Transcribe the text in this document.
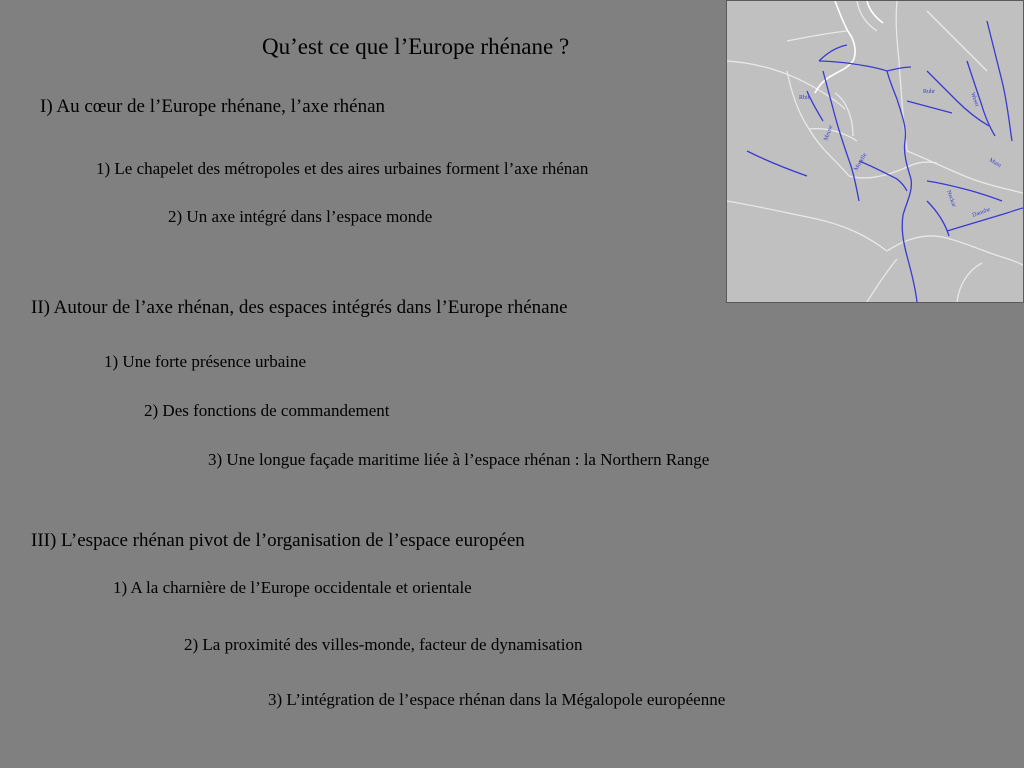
Qu’est ce que l’Europe rhénane ?
I) Au cœur de l’Europe rhénane, l’axe rhénan
1) Le chapelet des métropoles et des aires urbaines forment l’axe rhénan
2) Un axe intégré dans l’espace monde
II) Autour de l’axe rhénan, des espaces intégrés dans l’Europe rhénane
1) Une forte présence urbaine
2) Des fonctions de commandement
3) Une longue façade maritime liée à l’espace rhénan : la Northern Range
III) L’espace rhénan pivot de l’organisation de l’espace européen
1) A la charnière de l’Europe occidentale et orientale
2) La proximité des villes-monde, facteur de dynamisation
3) L’intégration de l’espace rhénan dans la Mégalopole européenne
Rhin
Ruhr	Weser
Moselle
Meuse
Neckar
Danube
Main
